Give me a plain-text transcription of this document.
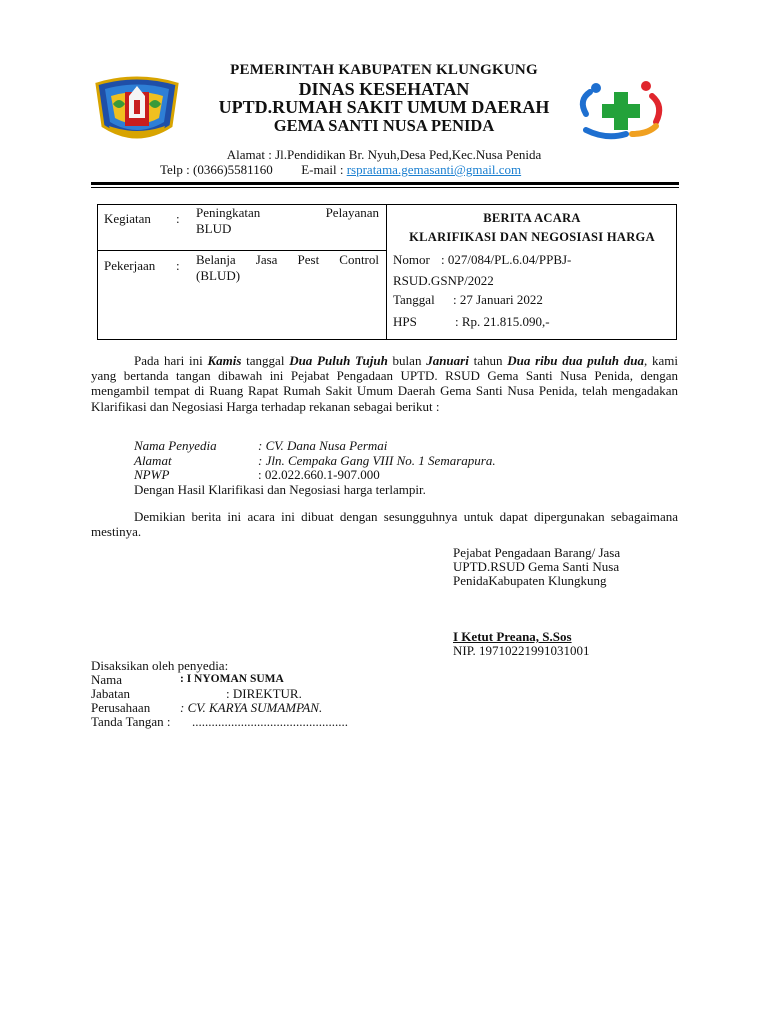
PEMERINTAH KABUPATEN KLUNGKUNG
DINAS KESEHATAN
UPTD.RUMAH SAKIT UMUM DAERAH
GEMA SANTI NUSA PENIDA
Alamat : Jl.Pendidikan Br. Nyuh,Desa Ped,Kec.Nusa Penida
Telp : (0366)5581160 E-mail : rspratama.gemasanti@gmail.com
Kegiatan : Peningkatan Pelayanan
BLUD
Pekerjaan : Belanja Jasa Pest Control
(BLUD)
BERITA ACARA
KLARIFIKASI DAN NEGOSIASI HARGA
Nomor : 027/084/PL.6.04/PPBJ-
RSUD.GSNP/2022
Tanggal : 27 Januari 2022
HPS	: Rp. 21.815.090,-
Pada hari ini Kamis tanggal Dua Puluh Tujuh bulan Januari tahun Dua ribu dua puluh dua, kami yang bertanda tangan dibawah ini Pejabat Pengadaan UPTD. RSUD Gema Santi Nusa Penida, dengan mengambil tempat di Ruang Rapat Rumah Sakit Umum Daerah Gema Santi Nusa Penida, telah mengadakan Klarifikasi dan Negosiasi Harga terhadap rekanan sebagai berikut :
Nama Penyedia	: CV. Dana Nusa Permai
Alamat	: Jln. Cempaka Gang VIII No. 1 Semarapura.
NPWP	: 02.022.660.1-907.000
Dengan Hasil Klarifikasi dan Negosiasi harga terlampir.
Demikian berita ini acara ini dibuat dengan sesungguhnya untuk dapat dipergunakan sebagaimana mestinya.
Pejabat Pengadaan Barang/ Jasa
UPTD.RSUD Gema Santi Nusa
PenidaKabupaten Klungkung
I Ketut Preana, S.Sos
NIP. 19710221991031001
Disaksikan oleh penyedia:
Nama	: I NYOMAN SUMA
Jabatan	: DIREKTUR.
Perusahaan : CV. KARYA SUMAMPAN.
Tanda Tangan : ................................................
